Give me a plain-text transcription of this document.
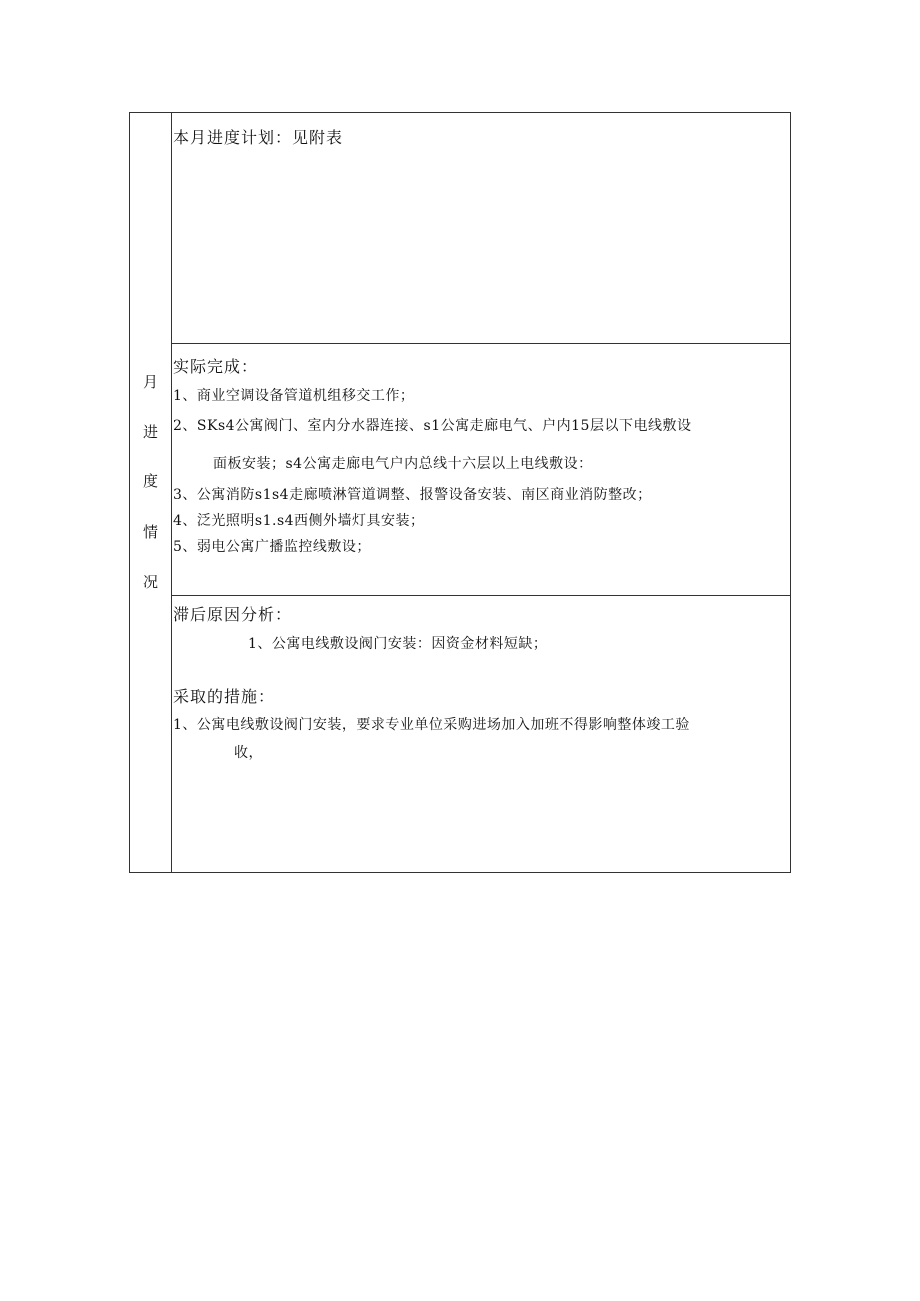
月
进
度
情
况
本月进度计划：见附表
实际完成：
1、商业空调设备管道机组移交工作；
2、SKs4公寓阀门、室内分水器连接、s1公寓走廊电气、户内15层以下电线敷设
面板安装；s4公寓走廊电气户内总线十六层以上电线敷设：
3、公寓消防s1s4走廊喷淋管道调整、报警设备安装、南区商业消防整改；
4、泛光照明s1.s4西侧外墙灯具安装；
5、弱电公寓广播监控线敷设；
滞后原因分析：
1、公寓电线敷设阀门安装：因资金材料短缺；
采取的措施：
1、公寓电线敷设阀门安装，要求专业单位采购进场加入加班不得影响整体竣工验
收，
